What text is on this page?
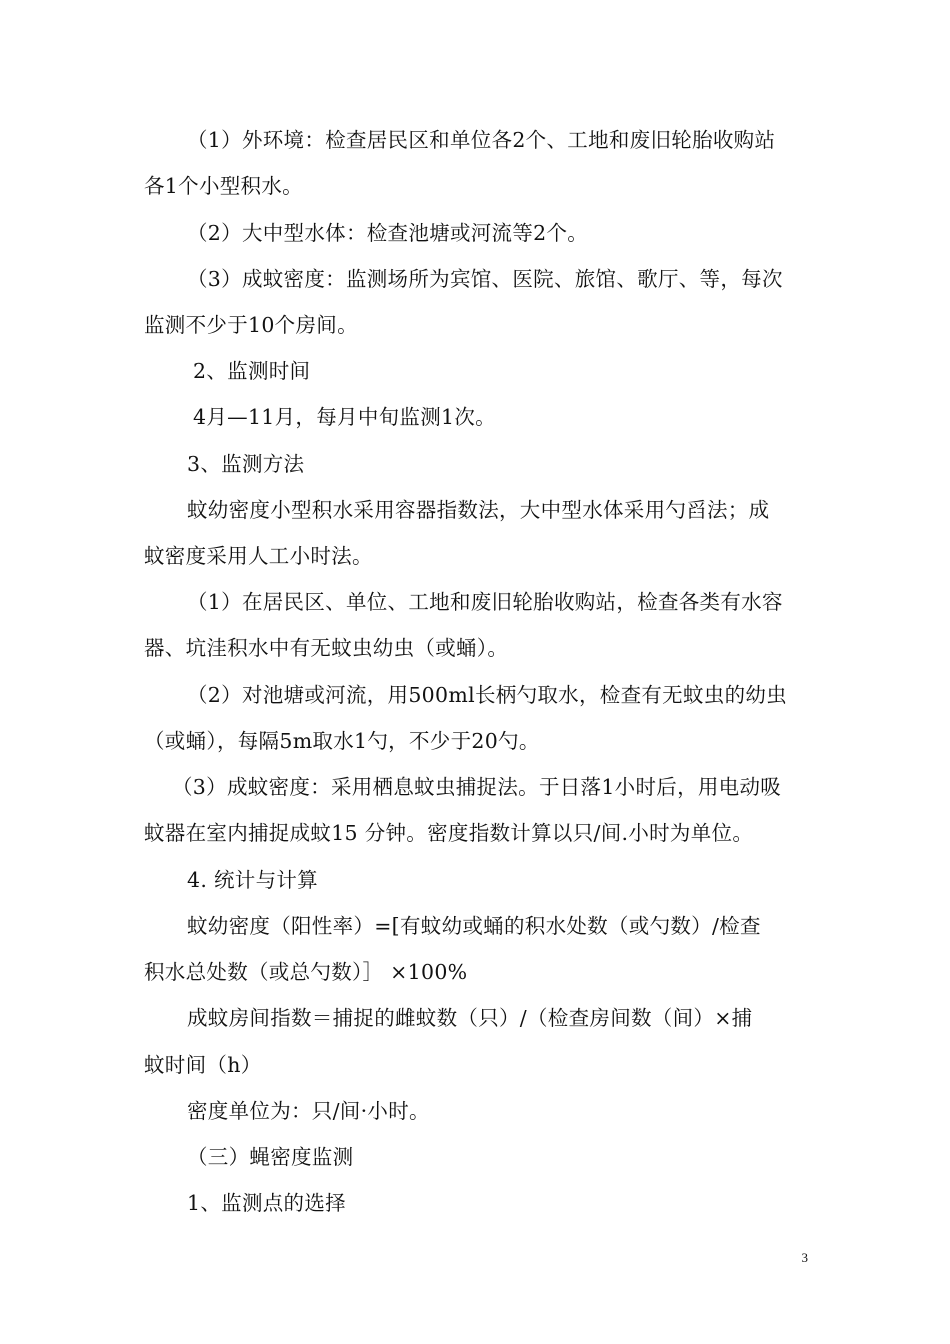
（1）外环境：检查居民区和单位各2个、工地和废旧轮胎收购站
各1个小型积水。
（2）大中型水体：检查池塘或河流等2个。
（3）成蚊密度：监测场所为宾馆、医院、旅馆、歌厅、等，每次
监测不少于10个房间。
2、监测时间
4月—11月，每月中旬监测1次。
3、监测方法
蚊幼密度小型积水采用容器指数法，大中型水体采用勺舀法；成
蚊密度采用人工小时法。
（1）在居民区、单位、工地和废旧轮胎收购站，检查各类有水容
器、坑洼积水中有无蚊虫幼虫（或蛹）。
（2）对池塘或河流，用500ml长柄勺取水，检查有无蚊虫的幼虫
（或蛹），每隔5m取水1勺，不少于20勺。
（3）成蚊密度：采用栖息蚊虫捕捉法。于日落1小时后，用电动吸
蚊器在室内捕捉成蚊15 分钟。密度指数计算以只/间.小时为单位。
4. 统计与计算
蚊幼密度（阳性率）=[有蚊幼或蛹的积水处数（或勺数）/检查
积水总处数（或总勺数）］ ×100%
成蚊房间指数＝捕捉的雌蚊数（只）/（检查房间数（间）×捕
蚊时间（h）
密度单位为：只/间·小时。
（三）蝇密度监测
1、监测点的选择
3
